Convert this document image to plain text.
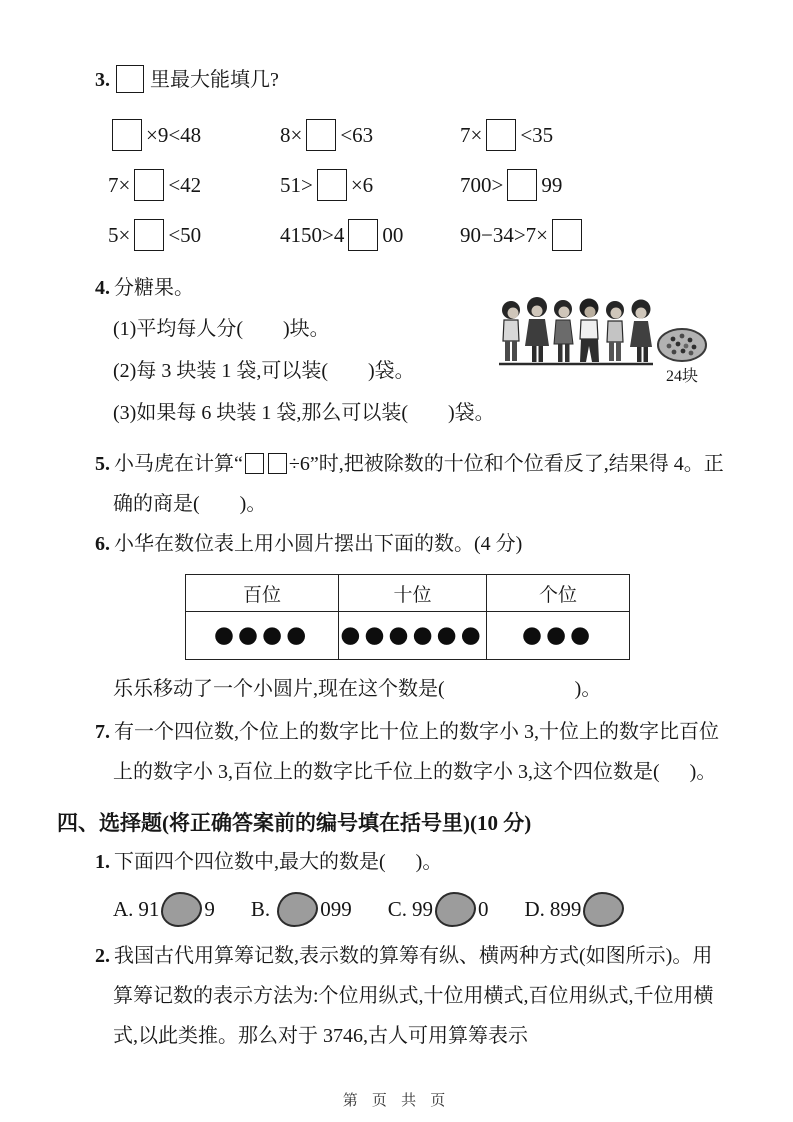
3. 里最大能填几?
×9<48	8× <63	7× <35
7× <42	51> ×6	700> 99
5× <50	4150>4 00	90−34>7×
4. 分糖果。
(1)平均每人分(        )块。
(2)每 3 块装 1 袋,可以装(        )袋。
(3)如果每 6 块装 1 袋,那么可以装(        )袋。
24块
5. 小马虎在计算“ ÷6”时,把被除数的十位和个位看反了,结果得 4。正确的商是(        )。
6. 小华在数位表上用小圆片摆出下面的数。(4 分)
百位	十位	个位
●●●●	●●●●●●	●●●
乐乐移动了一个小圆片,现在这个数是(                          )。
7. 有一个四位数,个位上的数字比十位上的数字小 3,十位上的数字比百位上的数字小 3,百位上的数字比千位上的数字小 3,这个四位数是(      )。
四、选择题(将正确答案前的编号填在括号里)(10 分)
1. 下面四个四位数中,最大的数是(      )。
A. 91 9 B. 099 C. 99 0 D. 899
2. 我国古代用算筹记数,表示数的算筹有纵、横两种方式(如图所示)。用算筹记数的表示方法为:个位用纵式,十位用横式,百位用纵式,千位用横式,以此类推。那么对于 3746,古人可用算筹表示
第 页 共 页
